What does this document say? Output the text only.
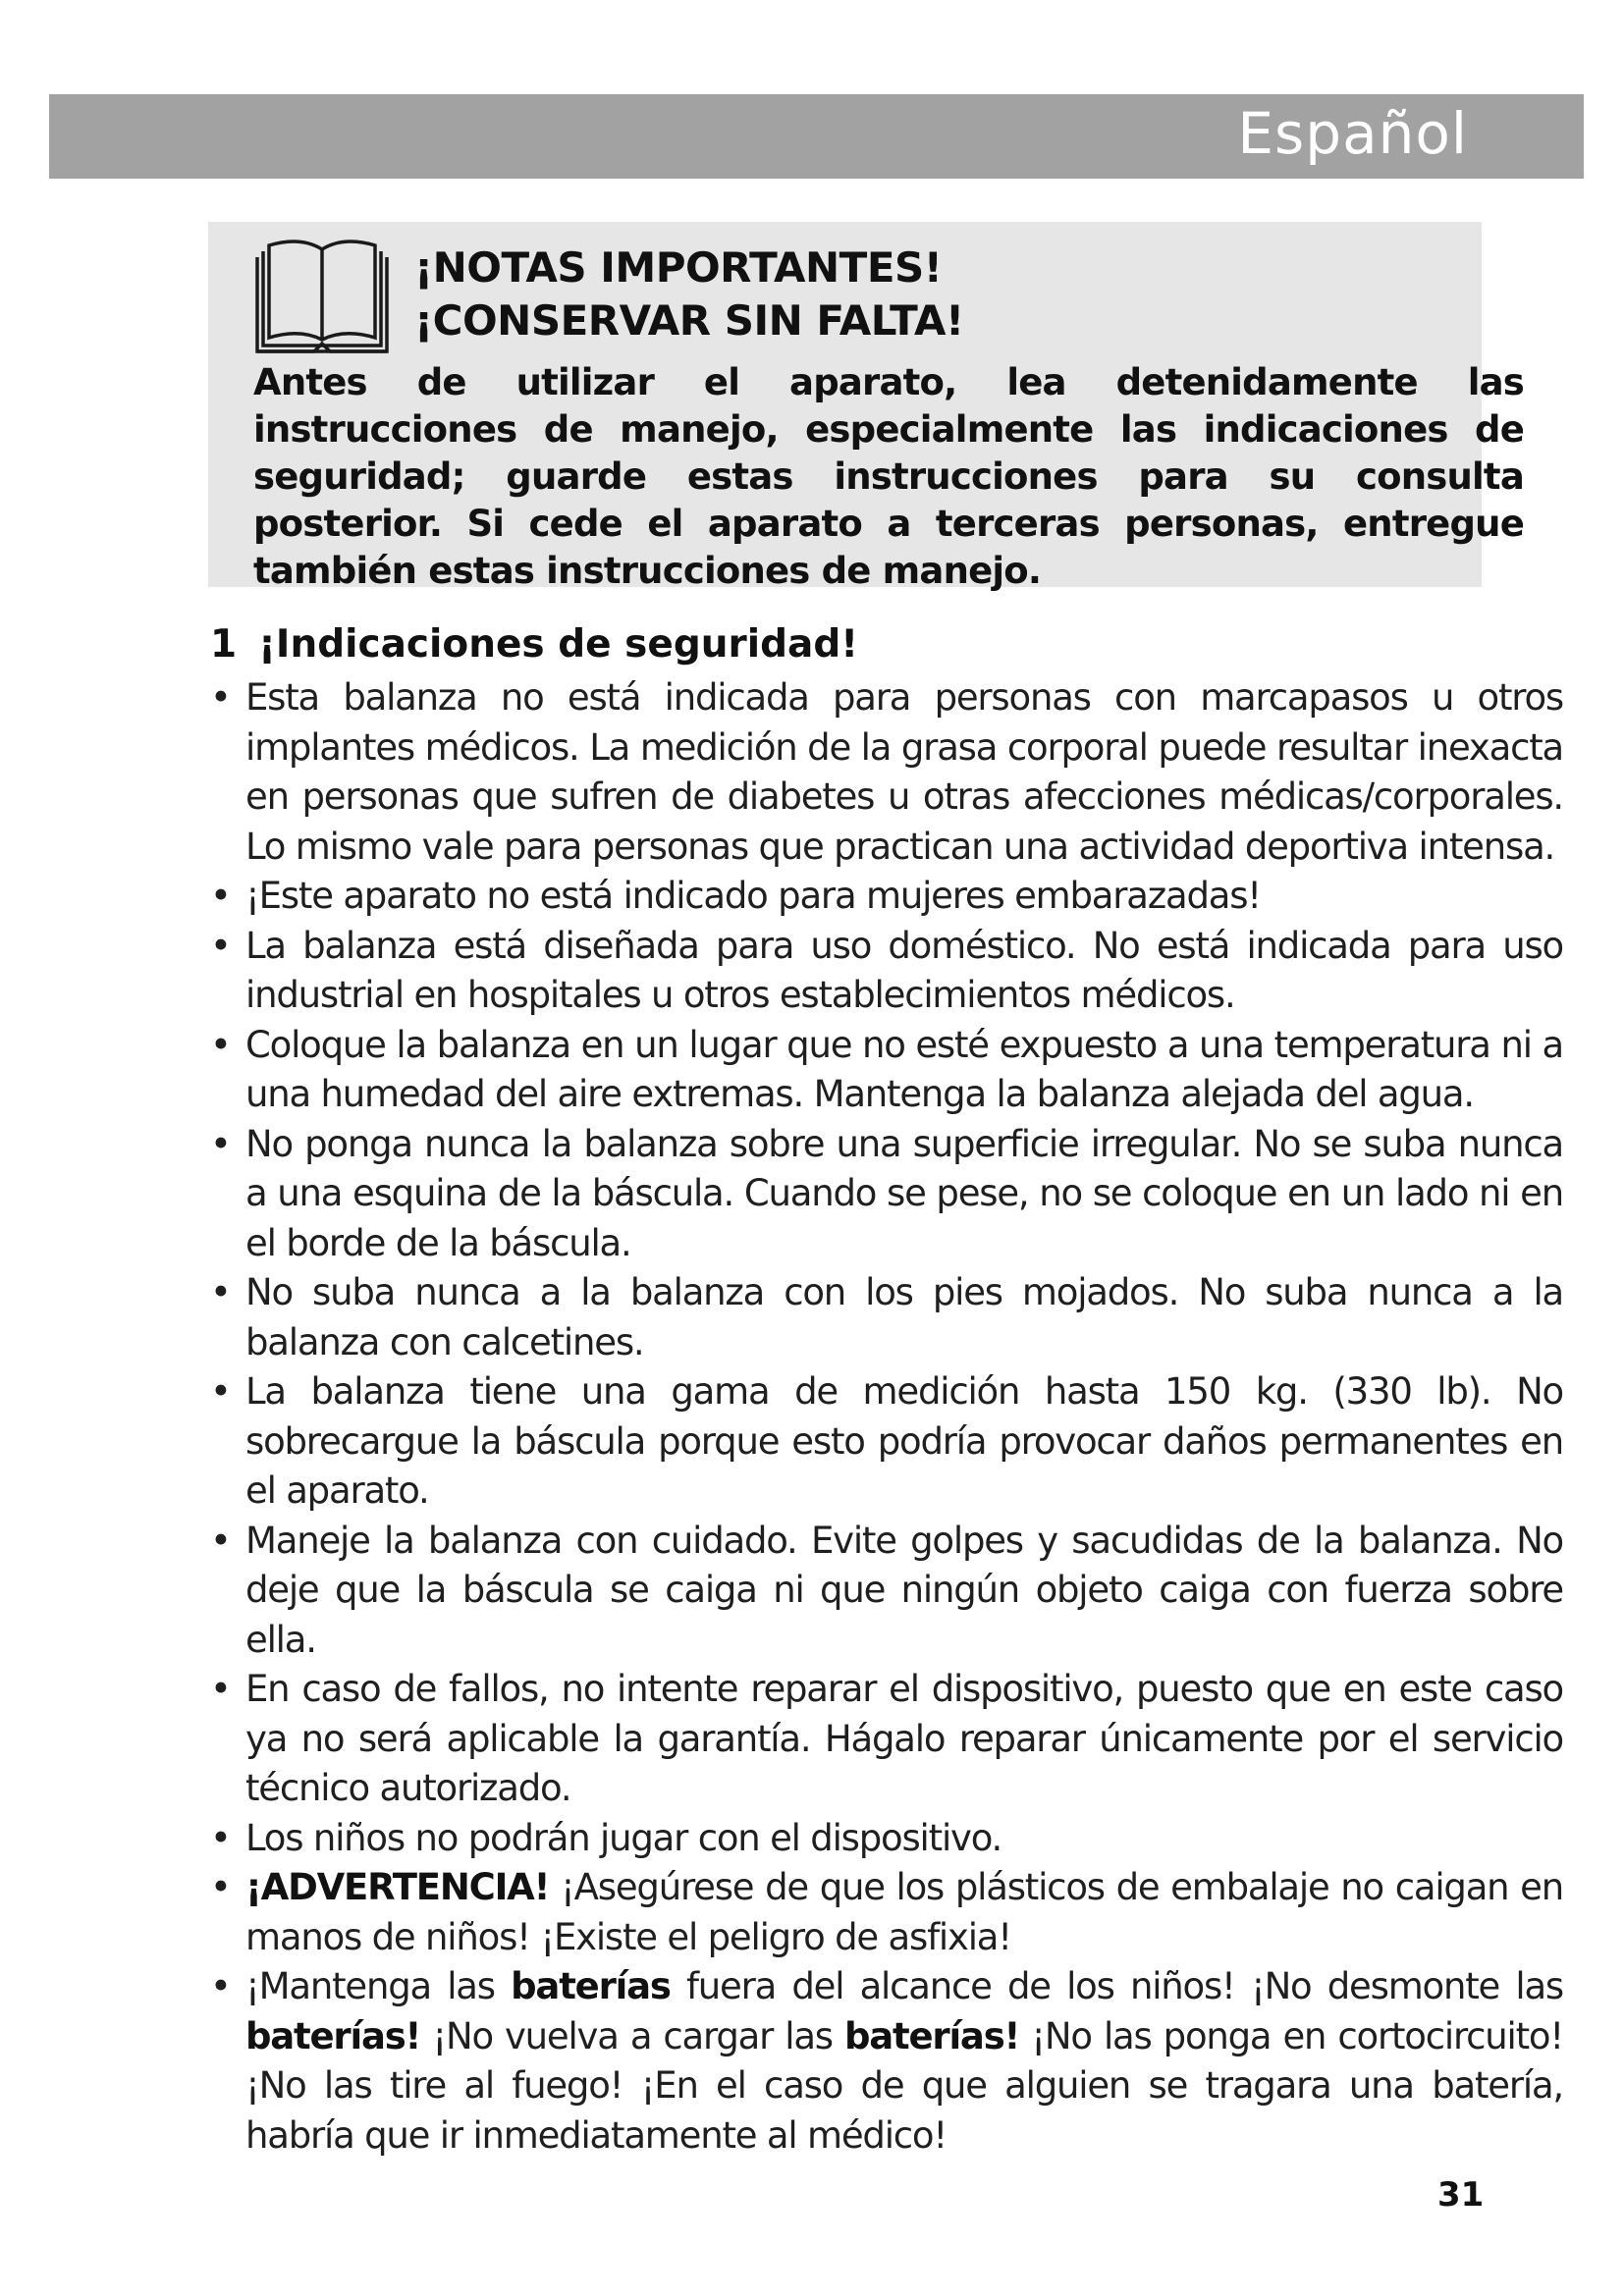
Español
¡NOTAS IMPORTANTES!
¡CONSERVAR SIN FALTA!
Antes de utilizar el aparato, lea detenidamente las instrucciones de manejo, especialmente las indicaciones de seguridad; guarde estas instrucciones para su consulta posterior. Si cede el aparato a terceras personas, entregue también estas instrucciones de manejo.
1 ¡Indicaciones de seguridad!
• Esta balanza no está indicada para personas con marcapasos u otros implantes médicos. La medición de la grasa corporal puede resultar inexacta en personas que sufren de diabetes u otras afecciones médicas/corporales. Lo mismo vale para personas que practican una actividad deportiva intensa.
• ¡Este aparato no está indicado para mujeres embarazadas!
• La balanza está diseñada para uso doméstico. No está indicada para uso industrial en hospitales u otros establecimientos médicos.
• Coloque la balanza en un lugar que no esté expuesto a una temperatura ni a una humedad del aire extremas. Mantenga la balanza alejada del agua.
• No ponga nunca la balanza sobre una superficie irregular. No se suba nunca a una esquina de la báscula. Cuando se pese, no se coloque en un lado ni en el borde de la báscula.
• No suba nunca a la balanza con los pies mojados. No suba nunca a la balanza con calcetines.
• La balanza tiene una gama de medición hasta 150 kg. (330 lb). No sobrecargue la báscula porque esto podría provocar daños permanentes en el aparato.
• Maneje la balanza con cuidado. Evite golpes y sacudidas de la balanza. No deje que la báscula se caiga ni que ningún objeto caiga con fuerza sobre ella.
• En caso de fallos, no intente reparar el dispositivo, puesto que en este caso ya no será aplicable la garantía. Hágalo reparar únicamente por el servicio técnico autorizado.
• Los niños no podrán jugar con el dispositivo.
• ¡ADVERTENCIA! ¡Asegúrese de que los plásticos de embalaje no caigan en manos de niños! ¡Existe el peligro de asfixia!
• ¡Mantenga las baterías fuera del alcance de los niños! ¡No desmonte las baterías! ¡No vuelva a cargar las baterías! ¡No las ponga en cortocircuito! ¡No las tire al fuego! ¡En el caso de que alguien se tragara una batería, habría que ir inmediatamente al médico!
31
